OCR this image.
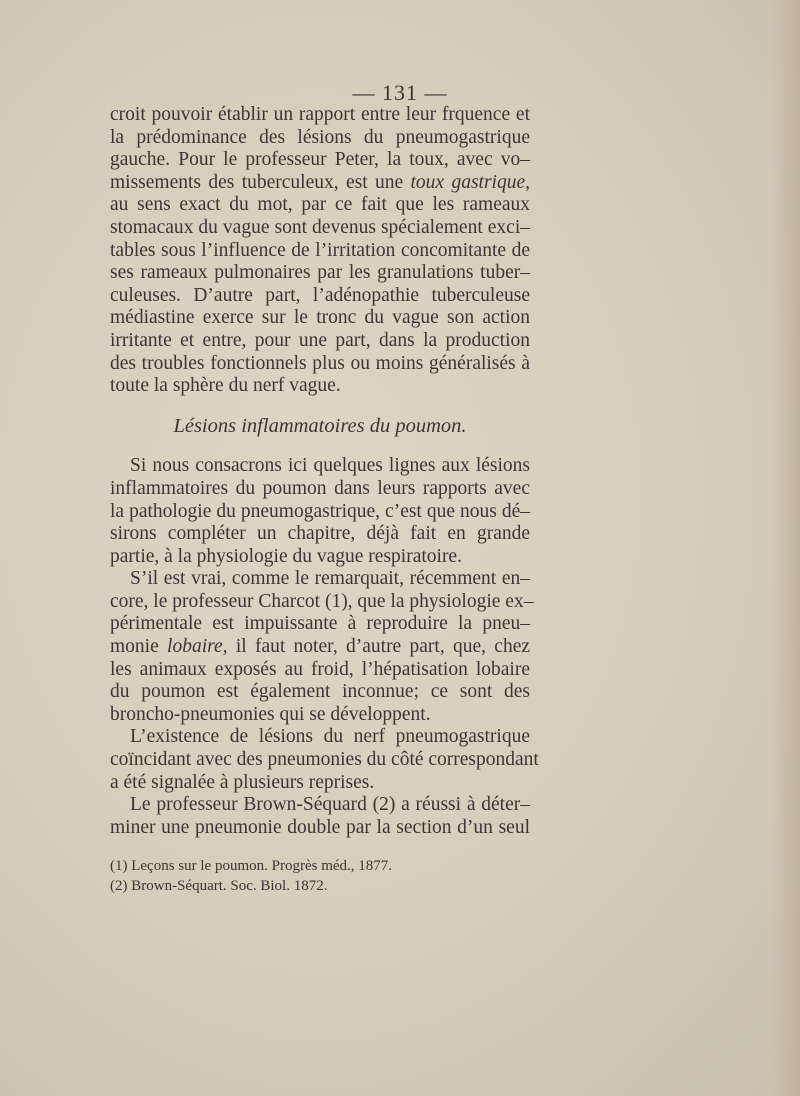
— 131 —
croit pouvoir établir un rapport entre leur frquence et
la prédominance des lésions du pneumogastrique
gauche. Pour le professeur Peter, la toux, avec vo–
missements des tuberculeux, est une toux gastrique,
au sens exact du mot, par ce fait que les rameaux
stomacaux du vague sont devenus spécialement exci–
tables sous l’influence de l’irritation concomitante de
ses rameaux pulmonaires par les granulations tuber–
culeuses. D’autre part, l’adénopathie tuberculeuse
médiastine exerce sur le tronc du vague son action
irritante et entre, pour une part, dans la production
des troubles fonctionnels plus ou moins généralisés à
toute la sphère du nerf vague.
Lésions inflammatoires du poumon.
Si nous consacrons ici quelques lignes aux lésions
inflammatoires du poumon dans leurs rapports avec
la pathologie du pneumogastrique, c’est que nous dé–
sirons compléter un chapitre, déjà fait en grande
partie, à la physiologie du vague respiratoire.
S’il est vrai, comme le remarquait, récemment en–
core, le professeur Charcot (1), que la physiologie ex–
périmentale est impuissante à reproduire la pneu–
monie lobaire, il faut noter, d’autre part, que, chez
les animaux exposés au froid, l’hépatisation lobaire
du poumon est également inconnue; ce sont des
broncho-pneumonies qui se développent.
L’existence de lésions du nerf pneumogastrique
coïncidant avec des pneumonies du côté correspondant
a été signalée à plusieurs reprises.
Le professeur Brown-Séquard (2) a réussi à déter–
miner une pneumonie double par la section d’un seul
(1) Leçons sur le poumon. Progrès méd., 1877.
(2) Brown-Séquart. Soc. Biol. 1872.
